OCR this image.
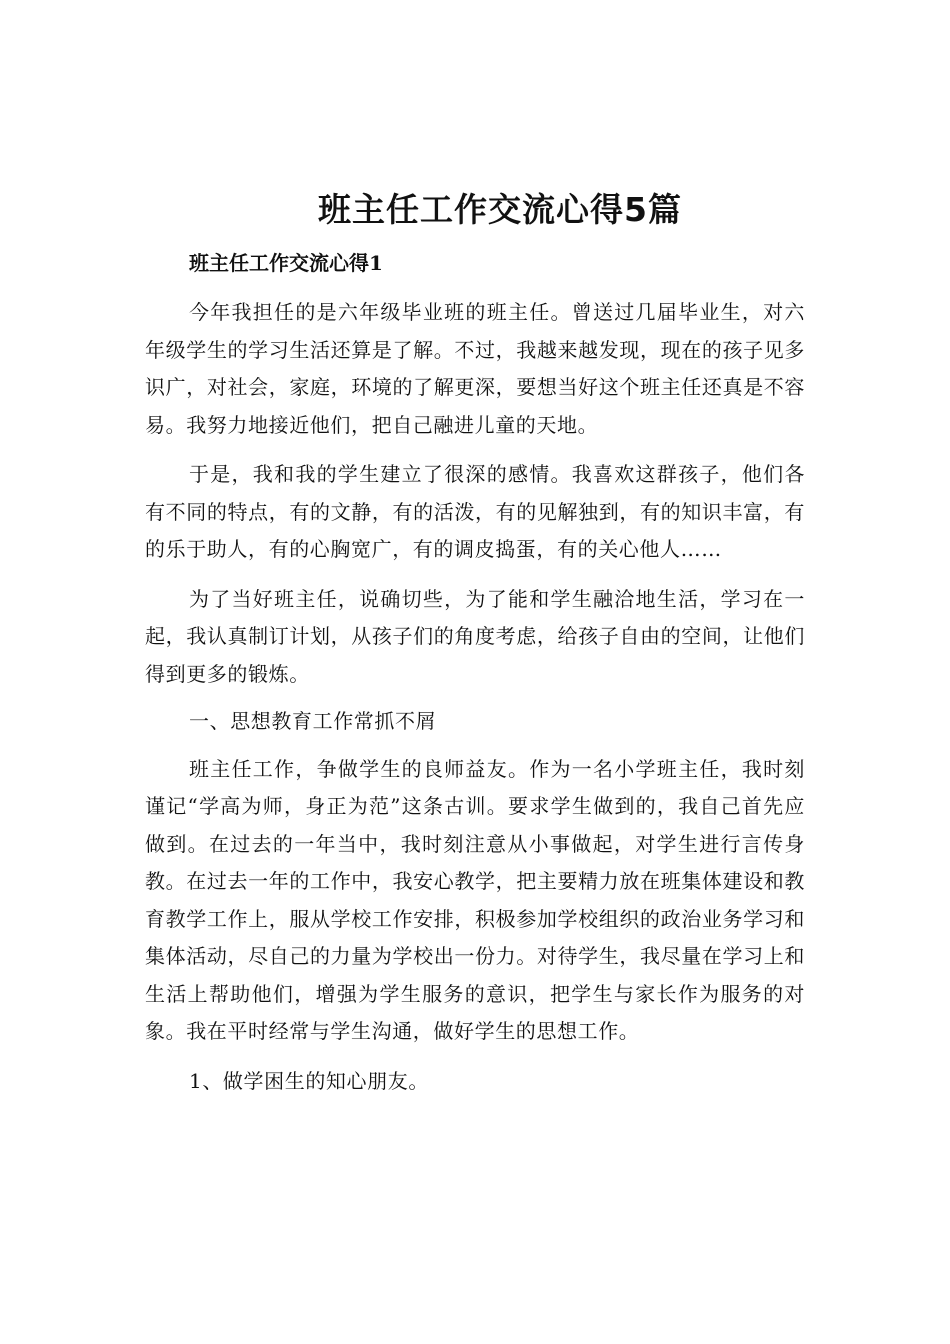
班主任工作交流心得5篇

班主任工作交流心得1

今年我担任的是六年级毕业班的班主任。曾送过几届毕业生，对六年级学生的学习生活还算是了解。不过，我越来越发现，现在的孩子见多识广，对社会，家庭，环境的了解更深，要想当好这个班主任还真是不容易。我努力地接近他们，把自己融进儿童的天地。

于是，我和我的学生建立了很深的感情。我喜欢这群孩子，他们各有不同的特点，有的文静，有的活泼，有的见解独到，有的知识丰富，有的乐于助人，有的心胸宽广，有的调皮捣蛋，有的关心他人……

为了当好班主任，说确切些，为了能和学生融洽地生活，学习在一起，我认真制订计划，从孩子们的角度考虑，给孩子自由的空间，让他们得到更多的锻炼。

一、思想教育工作常抓不屑

班主任工作，争做学生的良师益友。作为一名小学班主任，我时刻谨记“学高为师，身正为范”这条古训。要求学生做到的，我自己首先应做到。在过去的一年当中，我时刻注意从小事做起，对学生进行言传身教。在过去一年的工作中，我安心教学，把主要精力放在班集体建设和教育教学工作上，服从学校工作安排，积极参加学校组织的政治业务学习和集体活动，尽自己的力量为学校出一份力。对待学生，我尽量在学习上和生活上帮助他们，增强为学生服务的意识，把学生与家长作为服务的对象。我在平时经常与学生沟通，做好学生的思想工作。

1、做学困生的知心朋友。
